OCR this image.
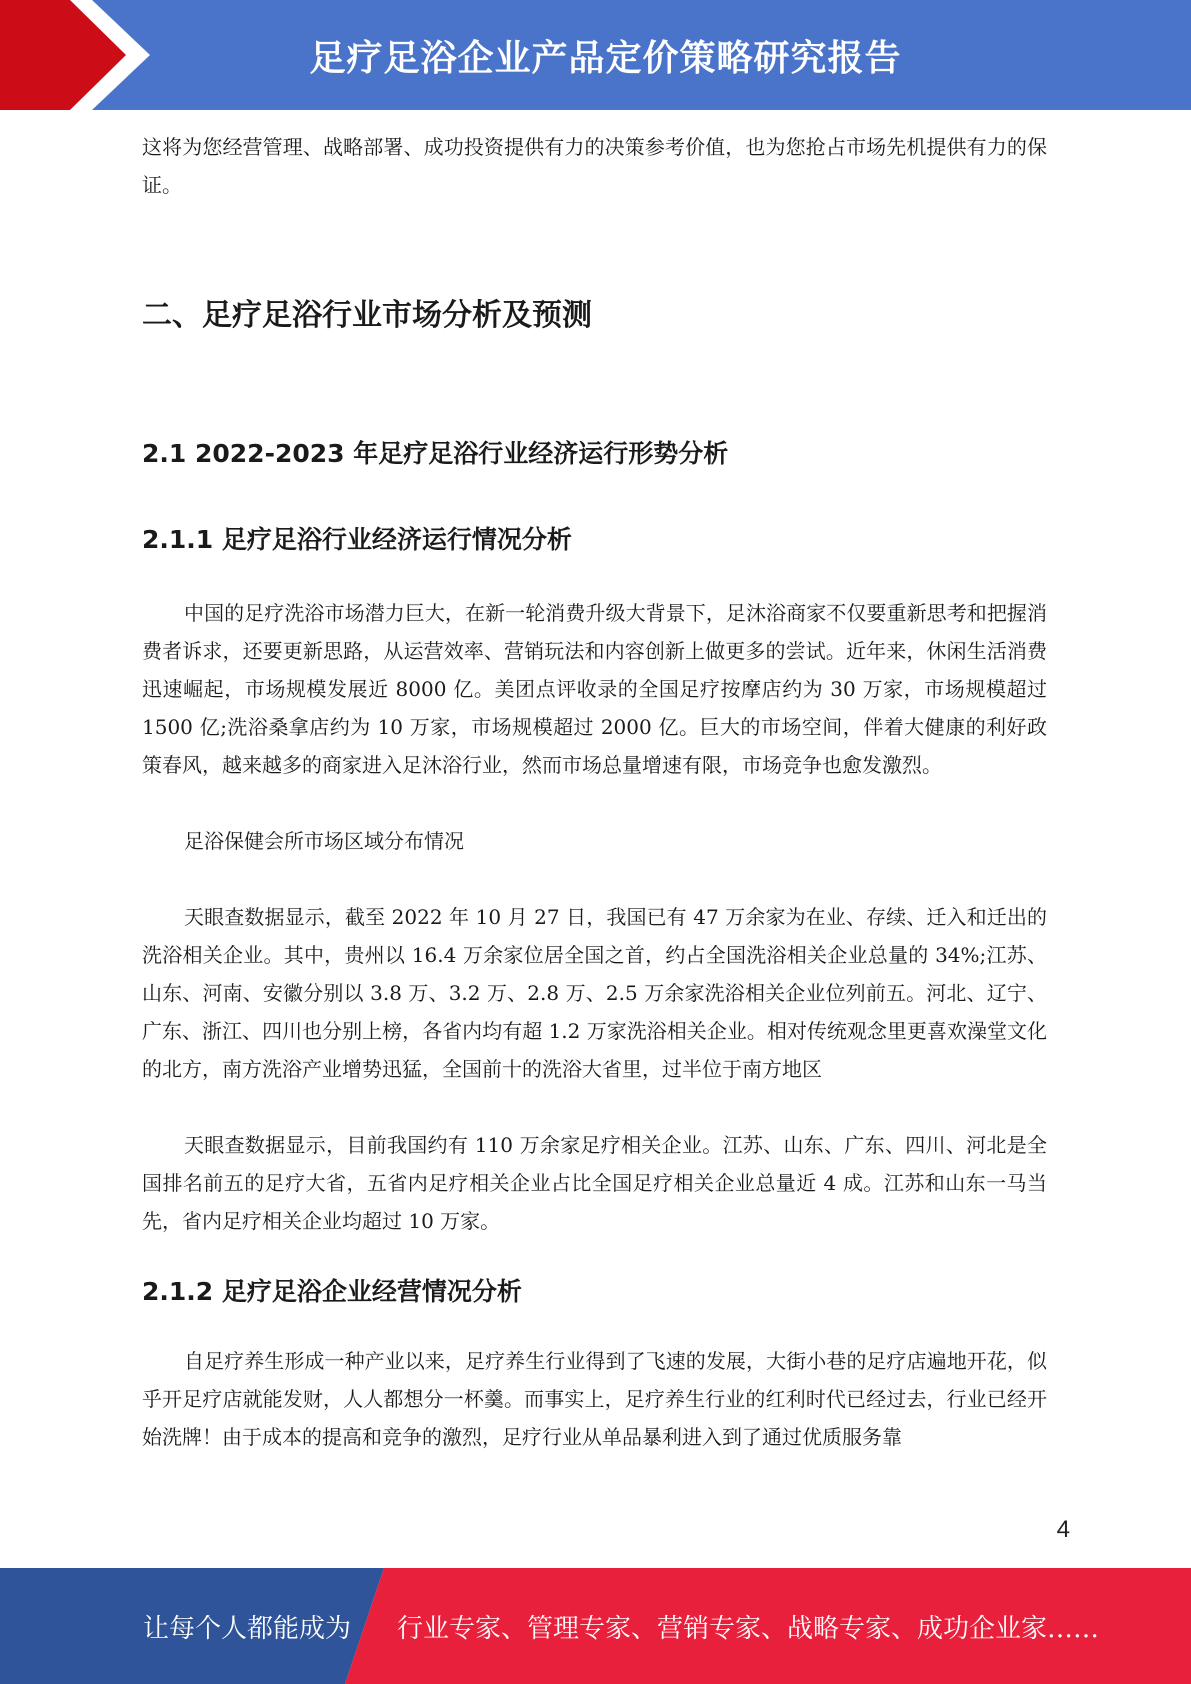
足疗足浴企业产品定价策略研究报告

这将为您经营管理、战略部署、成功投资提供有力的决策参考价值，也为您抢占市场先机提供有力的保证。

二、足疗足浴行业市场分析及预测
2.1 2022-2023 年足疗足浴行业经济运行形势分析
2.1.1 足疗足浴行业经济运行情况分析

中国的足疗洗浴市场潜力巨大，在新一轮消费升级大背景下，足沐浴商家不仅要重新思考和把握消费者诉求，还要更新思路，从运营效率、营销玩法和内容创新上做更多的尝试。近年来，休闲生活消费迅速崛起，市场规模发展近 8000 亿。美团点评收录的全国足疗按摩店约为 30 万家，市场规模超过 1500 亿;洗浴桑拿店约为 10 万家，市场规模超过 2000 亿。巨大的市场空间，伴着大健康的利好政策春风，越来越多的商家进入足沐浴行业，然而市场总量增速有限，市场竞争也愈发激烈。

足浴保健会所市场区域分布情况

天眼查数据显示，截至 2022 年 10 月 27 日，我国已有 47 万余家为在业、存续、迁入和迁出的洗浴相关企业。其中，贵州以 16.4 万余家位居全国之首，约占全国洗浴相关企业总量的 34%;江苏、山东、河南、安徽分别以 3.8 万、3.2 万、2.8 万、2.5 万余家洗浴相关企业位列前五。河北、辽宁、广东、浙江、四川也分别上榜，各省内均有超 1.2 万家洗浴相关企业。相对传统观念里更喜欢澡堂文化的北方，南方洗浴产业增势迅猛，全国前十的洗浴大省里，过半位于南方地区

天眼查数据显示，目前我国约有 110 万余家足疗相关企业。江苏、山东、广东、四川、河北是全国排名前五的足疗大省，五省内足疗相关企业占比全国足疗相关企业总量近 4 成。江苏和山东一马当先，省内足疗相关企业均超过 10 万家。

2.1.2 足疗足浴企业经营情况分析

自足疗养生形成一种产业以来，足疗养生行业得到了飞速的发展，大街小巷的足疗店遍地开花，似乎开足疗店就能发财，人人都想分一杯羹。而事实上，足疗养生行业的红利时代已经过去，行业已经开始洗牌！由于成本的提高和竞争的激烈，足疗行业从单品暴利进入到了通过优质服务靠

4
让每个人都能成为 行业专家、管理专家、营销专家、战略专家、成功企业家……
